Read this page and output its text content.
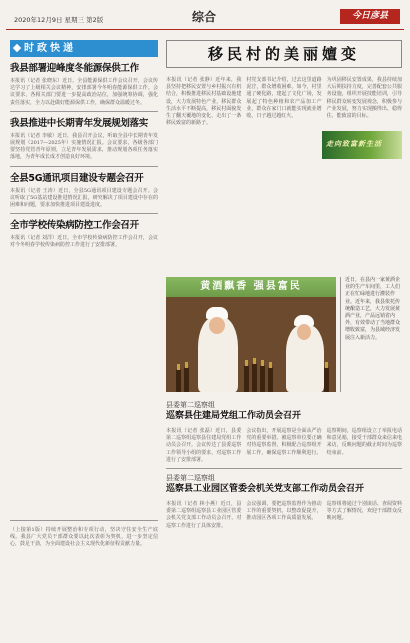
2020年12月9日 星期三 第2版	综合	今日彦县
时政快递
我县部署迎峰度冬能源保供工作
本报讯（记者 张晓东）近日，全县能源保供工作会议召开，会议传达学习了上级相关会议精神，安排部署今冬明春能源保供工作。会议要求，各相关部门要进一步提高政治站位，加强统筹协调，强化责任落实，全力以赴做好能源保供工作，确保群众温暖过冬。
我县推进中长期青年发展规划落实
本报讯（记者 李敏）近日，我县召开会议，听取全县中长期青年发展规划（2017—2025年）实施情况汇报。会议要求，各级各部门要坚持党管青年原则，立足青年发展需求，推动规划各项任务落实落地，为青年成长成才创造良好环境。
全县5G通讯项目建设专题会召开
本报讯（记者 王涛）近日，全县5G通讯项目建设专题会召开。会议听取了5G基站建设推进情况汇报，研究解决了项目建设中存在的困难和问题，要求加快推进项目建设进度。
全市学校传染病防控工作会召开
本报讯（记者 刘洋）近日，全市学校传染病防控工作会召开，会议对今冬明春学校传染病防控工作进行了安排部署。
（上接第1版）持续开展整治和专项行动，坚决守住安全生产底线。我县广大党员干部群众要以此次表彰为契机，进一步坚定信心，鼓足干劲，为全面建设社会主义现代化新征程贡献力量。
移民村的美丽嬗变
本报讯（记者 张静）近年来，我县坚持把移民安置与乡村振兴有机结合，积极推进移民村基础设施建设，大力发展特色产业，移民群众生活水平不断提高，移民村面貌发生了翻天覆地的变化，走出了一条移民致富的新路子。
村党支部书记介绍，过去这里道路泥泞，群众增收困难。如今，村里通了硬化路，建起了文化广场，发展起了特色种植和农产品加工产业，群众在家门口就能实现就业增收，日子越过越红火。
为巩固移民安置成果，我县持续加大后期扶持力度，完善配套公共服务设施，组织开展技能培训，引导移民群众转变发展观念，积极参与产业发展，努力实现搬得出、稳得住、能致富的目标。
走向致富新生活
黄酒飘香 强县富民
近日，在县内一家黄酒企业的生产车间里，工人们正在忙碌地进行灌装作业。近年来，我县依托传统酿造工艺，大力发展黄酒产业，产品远销省内外，有效带动了当地群众增收致富，为县域经济发展注入新活力。
县委第二巡察组
巡察县住建局党组工作动员会召开
本报讯（记者 张磊）近日，县委第二巡察组巡察县住建局党组工作动员会召开。会议传达了县委巡察工作领导小组的要求，对巡察工作进行了安排部署。
会议指出，开展巡察是全面从严治党的重要举措。被巡察单位要正确对待巡察监督，积极配合巡察组开展工作，确保巡察工作顺利进行。
巡察期间，巡察组设立了举报电话和意见箱，接受干部群众来信来电来访，反映问题的截止时间为巡察结束前。
县委第二巡察组
巡察县工业园区管委会机关党支部工作动员会召开
本报讯（记者 林小燕）近日，县委第二巡察组巡察县工业园区管委会机关党支部工作动员会召开，对巡察工作进行了具体安排。
会议强调，要把巡察监督作为推动工作的重要契机，以整改促提升，推动园区各项工作高质量发展。
巡察组将通过个别谈话、查阅资料等方式了解情况，欢迎干部群众反映问题。
